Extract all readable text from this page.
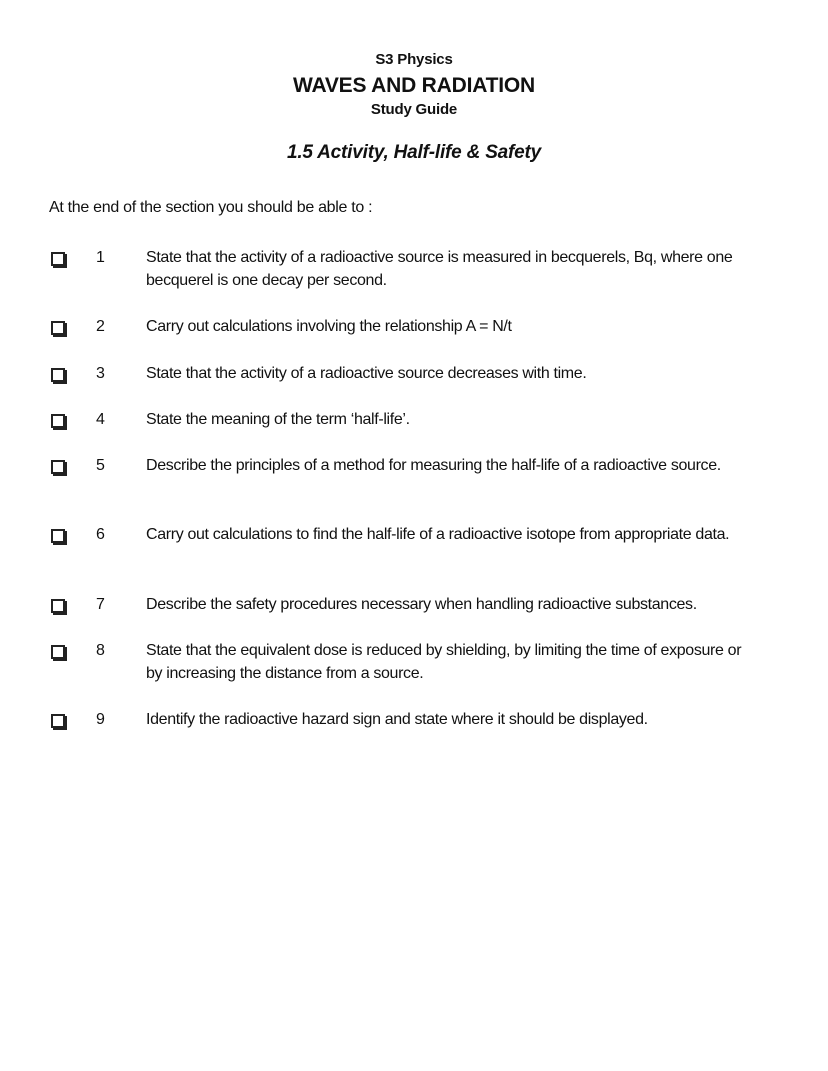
S3 Physics
WAVES AND RADIATION
Study Guide
1.5 Activity, Half-life & Safety
At the end of the section you should be able to :
1	State that the activity of a radioactive source is measured in becquerels, Bq, where one becquerel is one decay per second.
2	Carry out calculations involving the relationship A = N/t
3	State that the activity of a radioactive source decreases with time.
4	State the meaning of the term ‘half-life’.
5	Describe the principles of a method for measuring the half-life of a radioactive source.
6	Carry out calculations to find the half-life of a radioactive isotope from appropriate data.
7	Describe the safety procedures necessary when handling radioactive substances.
8	State that the equivalent dose is reduced by shielding, by limiting the time of exposure or by increasing the distance from a source.
9	Identify the radioactive hazard sign and state where it should be displayed.
